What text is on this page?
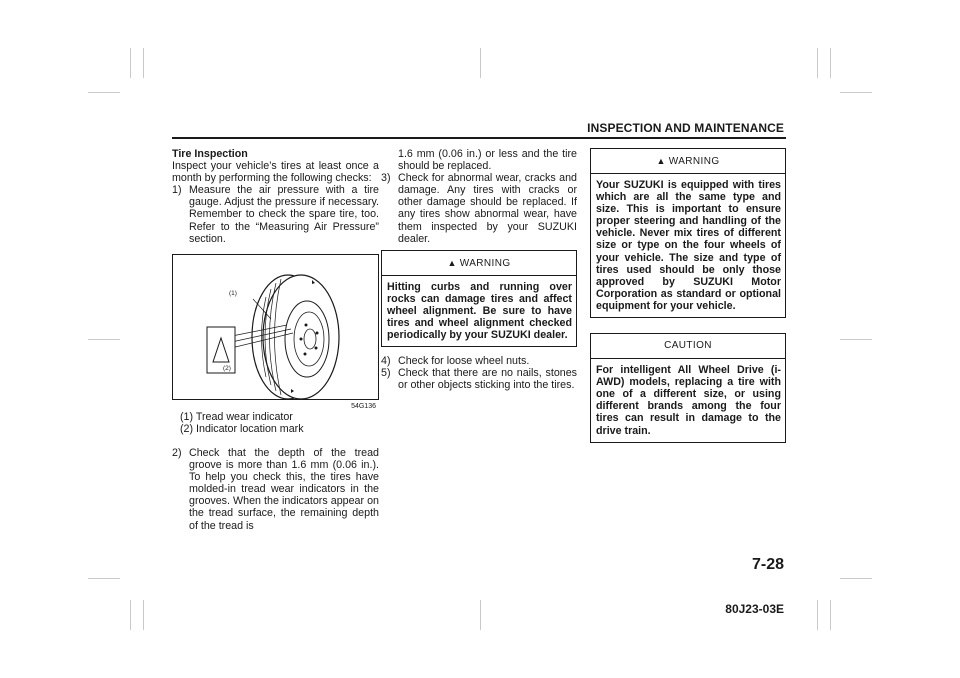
INSPECTION AND MAINTENANCE
7-28
80J23-03E

Tire Inspection

Inspect your vehicle’s tires at least once a month by performing the following checks:

1) Measure the air pressure with a tire gauge. Adjust the pressure if necessary. Remember to check the spare tire, too. Refer to the “Measuring Air Pressure” section.
(1)
(2)
54G136
(1) Tread wear indicator
(2) Indicator location mark
2) Check that the depth of the tread groove is more than 1.6 mm (0.06 in.). To help you check this, the tires have molded-in tread wear indicators in the grooves. When the indicators appear on the tread surface, the remaining depth of the tread is
1.6 mm (0.06 in.) or less and the tire should be replaced.
3) Check for abnormal wear, cracks and damage. Any tires with cracks or other damage should be replaced. If any tires show abnormal wear, have them inspected by your SUZUKI dealer.
▲ WARNING
Hitting curbs and running over rocks can damage tires and affect wheel alignment. Be sure to have tires and wheel alignment checked periodically by your SUZUKI dealer.
4) Check for loose wheel nuts.
5) Check that there are no nails, stones or other objects sticking into the tires.
▲ WARNING
Your SUZUKI is equipped with tires which are all the same type and size. This is important to ensure proper steering and handling of the vehicle. Never mix tires of different size or type on the four wheels of your vehicle. The size and type of tires used should be only those approved by SUZUKI Motor Corporation as standard or optional equipment for your vehicle.
CAUTION
For intelligent All Wheel Drive (i-AWD) models, replacing a tire with one of a different size, or using different brands among the four tires can result in damage to the drive train.
